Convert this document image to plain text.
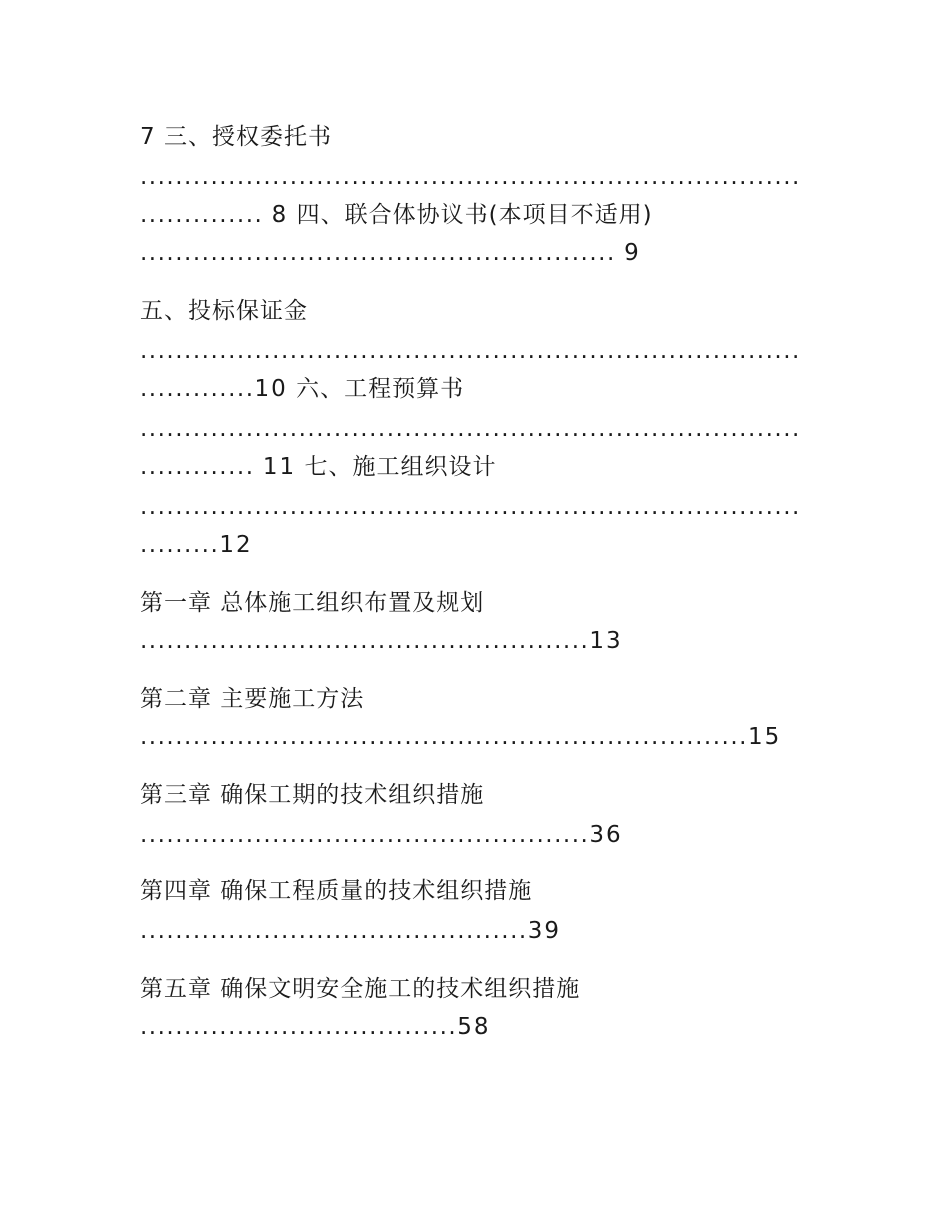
7 三、授权委托书
...........................................................................
.............. 8 四、联合体协议书(本项目不适用)
...................................................... 9
五、投标保证金
...........................................................................
.............10 六、工程预算书
...........................................................................
............. 11 七、施工组织设计
...........................................................................
.........12
第一章 总体施工组织布置及规划
...................................................13
第二章 主要施工方法
.....................................................................15
第三章 确保工期的技术组织措施
...................................................36
第四章 确保工程质量的技术组织措施
............................................39
第五章 确保文明安全施工的技术组织措施
....................................58
